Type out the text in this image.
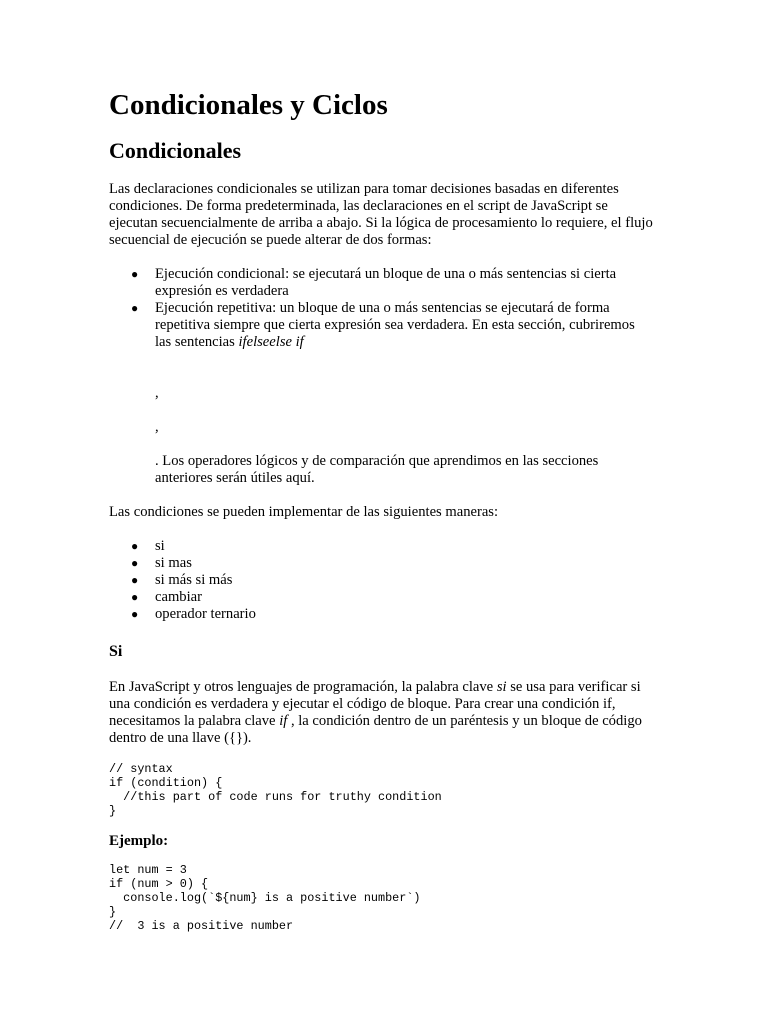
Condicionales y Ciclos
Condicionales

Las declaraciones condicionales se utilizan para tomar decisiones basadas en diferentes condiciones. De forma predeterminada, las declaraciones en el script de JavaScript se ejecutan secuencialmente de arriba a abajo. Si la lógica de procesamiento lo requiere, el flujo secuencial de ejecución se puede alterar de dos formas:

● Ejecución condicional: se ejecutará un bloque de una o más sentencias si cierta expresión es verdadera
● Ejecución repetitiva: un bloque de una o más sentencias se ejecutará de forma repetitiva siempre que cierta expresión sea verdadera. En esta sección, cubriremos las sentencias ifelseelse if
,
,
. Los operadores lógicos y de comparación que aprendimos en las secciones anteriores serán útiles aquí.

Las condiciones se pueden implementar de las siguientes maneras:

● si
● si mas
● si más si más
● cambiar
● operador ternario
Si

En JavaScript y otros lenguajes de programación, la palabra clave si se usa para verificar si una condición es verdadera y ejecutar el código de bloque. Para crear una condición if, necesitamos la palabra clave if , la condición dentro de un paréntesis y un bloque de código dentro de una llave ({}).

// syntax
if (condition) {
//this part of code runs for truthy condition
}
Ejemplo:
let num = 3
if (num > 0) {
console.log(`${num} is a positive number`)
}
//  3 is a positive number
